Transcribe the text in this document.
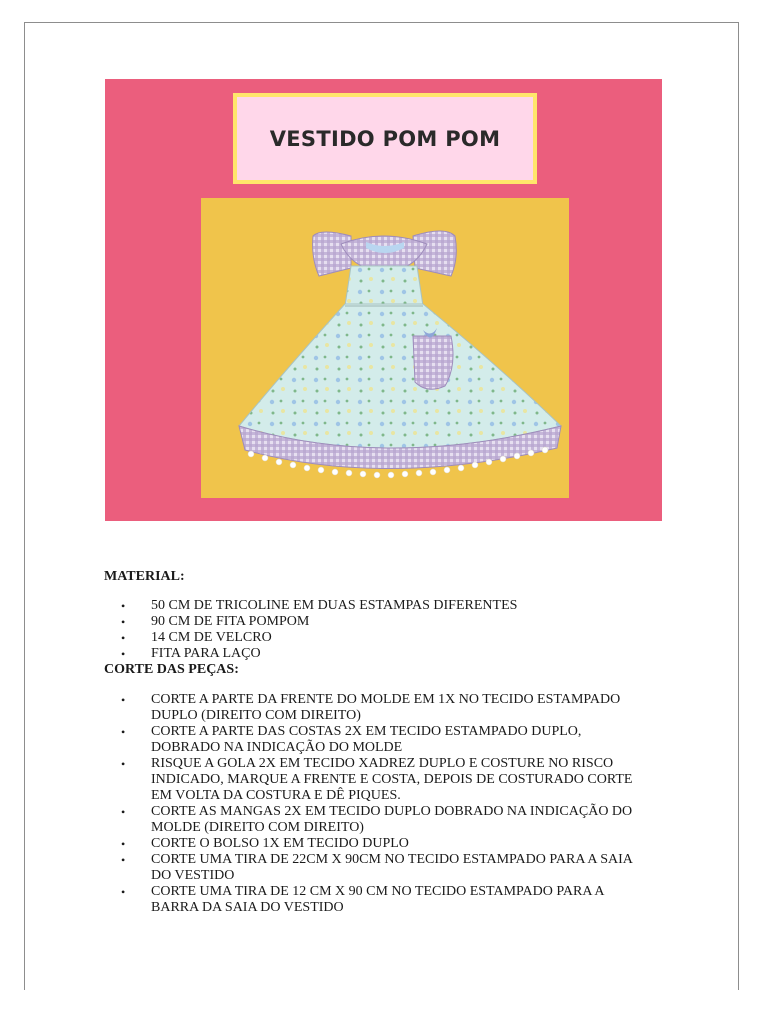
VESTIDO POM POM
MATERIAL:
• 50 CM DE TRICOLINE EM DUAS ESTAMPAS DIFERENTES
• 90 CM DE FITA POMPOM
• 14 CM DE VELCRO
• FITA PARA LAÇO
CORTE DAS PEÇAS:
• CORTE A PARTE DA FRENTE DO MOLDE EM 1X NO TECIDO ESTAMPADO
DUPLO (DIREITO COM DIREITO)
• CORTE A PARTE DAS COSTAS 2X EM TECIDO ESTAMPADO DUPLO,
DOBRADO NA INDICAÇÃO DO MOLDE
• RISQUE A GOLA 2X EM TECIDO XADREZ DUPLO E COSTURE NO RISCO
INDICADO, MARQUE A FRENTE E COSTA, DEPOIS DE COSTURADO CORTE
EM VOLTA DA COSTURA E DÊ PIQUES.
• CORTE AS MANGAS 2X EM TECIDO DUPLO DOBRADO NA INDICAÇÃO DO
MOLDE (DIREITO COM DIREITO)
• CORTE O BOLSO 1X EM TECIDO DUPLO
• CORTE UMA TIRA DE 22CM X 90CM NO TECIDO ESTAMPADO PARA A SAIA
DO VESTIDO
• CORTE UMA TIRA DE 12 CM X 90 CM NO TECIDO ESTAMPADO PARA A
BARRA DA SAIA DO VESTIDO
